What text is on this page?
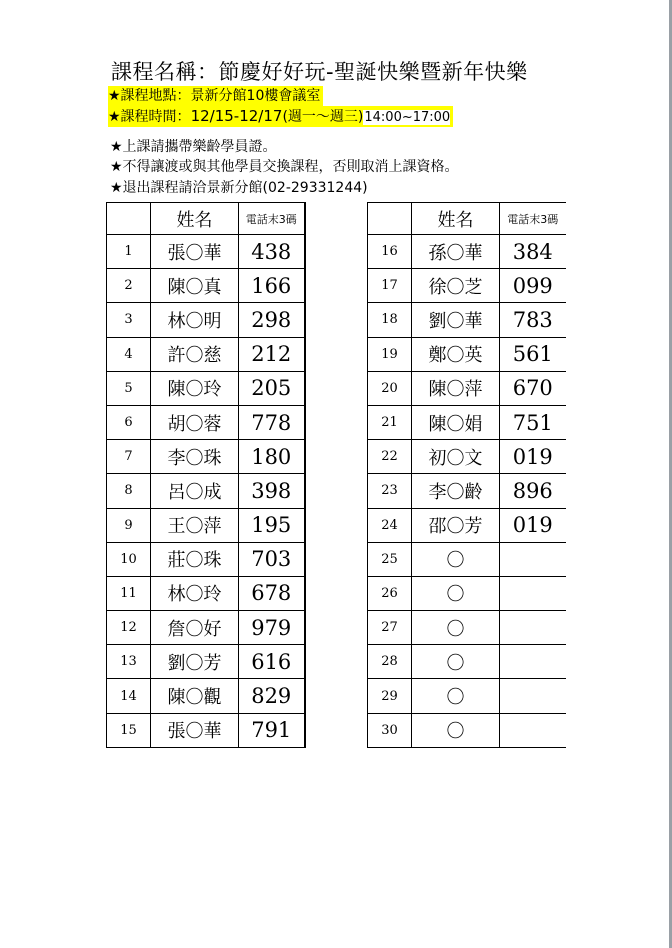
課程名稱：節慶好好玩-聖誕快樂暨新年快樂
★課程地點：景新分館10樓會議室
★課程時間：12/15-12/17(週一～週三)14:00~17:00
★上課請攜帶樂齡學員證。
★不得讓渡或與其他學員交換課程，否則取消上課資格。
★退出課程請洽景新分館(02-29331244)
	姓名	電話末3碼
1	張〇華	438
2	陳〇真	166
3	林〇明	298
4	許〇慈	212
5	陳〇玲	205
6	胡〇蓉	778
7	李〇珠	180
8	呂〇成	398
9	王〇萍	195
10	莊〇珠	703
11	林〇玲	678
12	詹〇好	979
13	劉〇芳	616
14	陳〇觀	829
15	張〇華	791
	姓名	電話末3碼
16	孫〇華	384
17	徐〇芝	099
18	劉〇華	783
19	鄭〇英	561
20	陳〇萍	670
21	陳〇娟	751
22	初〇文	019
23	李〇齡	896
24	邵〇芳	019
25	〇	
26	〇	
27	〇	
28	〇	
29	〇	
30	〇	
